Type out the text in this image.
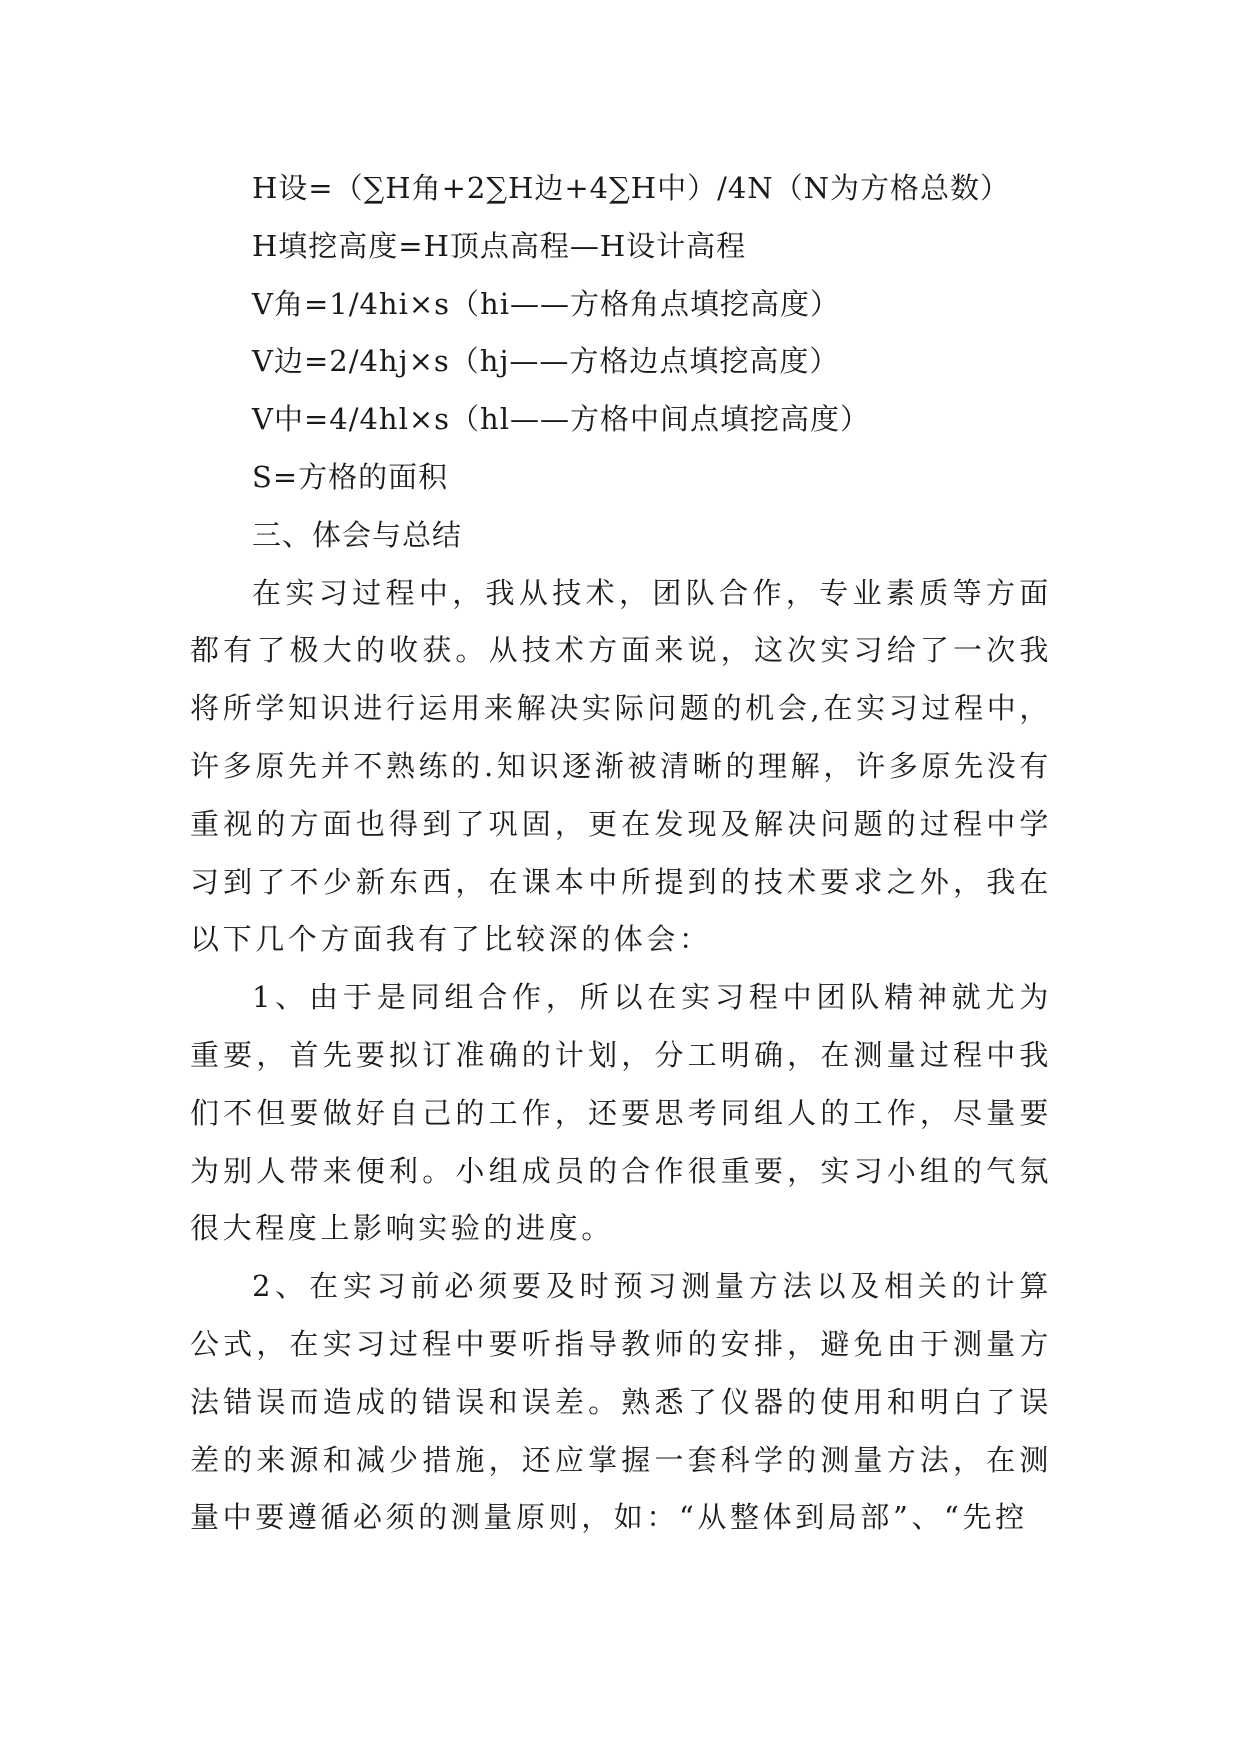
H设=（∑H角+2∑H边+4∑H中）/4N（N为方格总数）

H填挖高度=H顶点高程—H设计高程

V角=1/4hi×s（hi——方格角点填挖高度）

V边=2/4hj×s（hj——方格边点填挖高度）

V中=4/4hl×s（hl——方格中间点填挖高度）

S=方格的面积

三、体会与总结

在实习过程中，我从技术，团队合作，专业素质等方面都有了极大的收获。从技术方面来说，这次实习给了一次我将所学知识进行运用来解决实际问题的机会,在实习过程中，许多原先并不熟练的.知识逐渐被清晰的理解，许多原先没有重视的方面也得到了巩固，更在发现及解决问题的过程中学习到了不少新东西，在课本中所提到的技术要求之外，我在以下几个方面我有了比较深的体会：

1、由于是同组合作，所以在实习程中团队精神就尤为重要，首先要拟订准确的计划，分工明确，在测量过程中我们不但要做好自己的工作，还要思考同组人的工作，尽量要为别人带来便利。小组成员的合作很重要，实习小组的气氛很大程度上影响实验的进度。

2、在实习前必须要及时预习测量方法以及相关的计算公式，在实习过程中要听指导教师的安排，避免由于测量方法错误而造成的错误和误差。熟悉了仪器的使用和明白了误差的来源和减少措施，还应掌握一套科学的测量方法，在测量中要遵循必须的测量原则，如：“从整体到局部”、“先控
